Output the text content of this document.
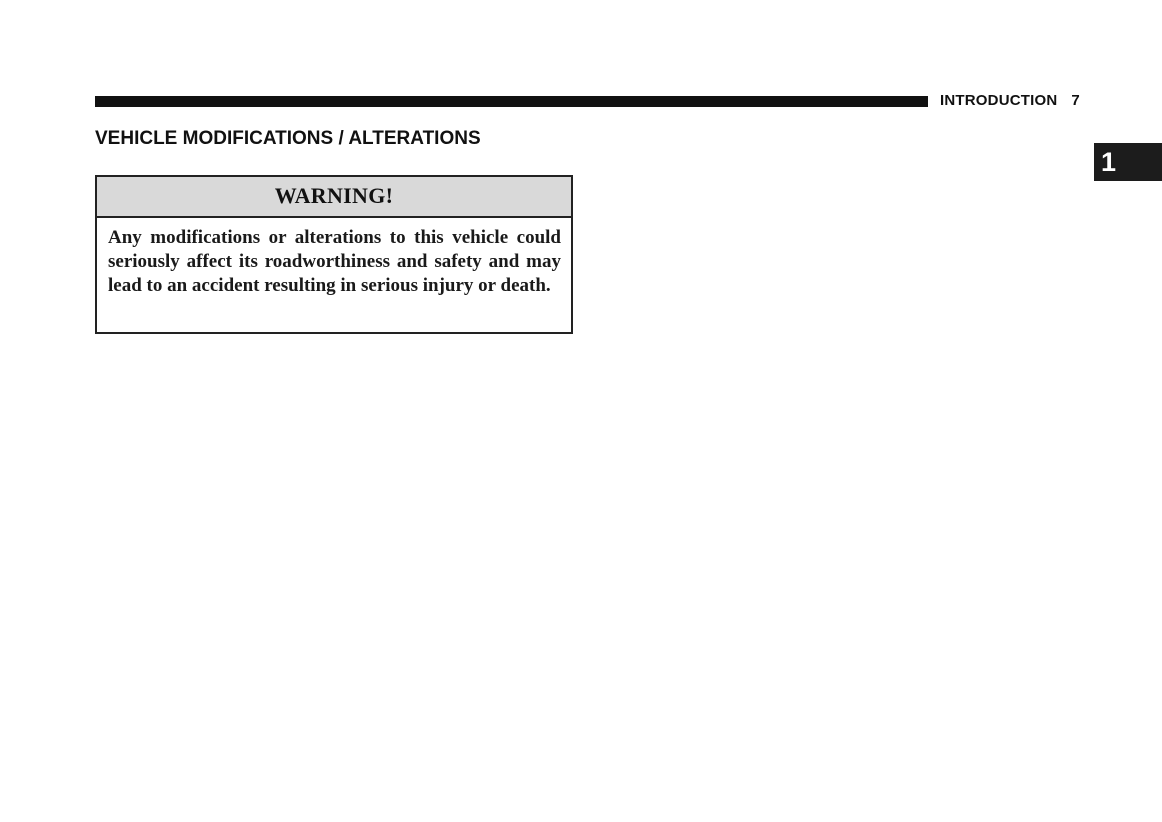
INTRODUCTION 7
1
VEHICLE MODIFICATIONS / ALTERATIONS
WARNING!
Any modifications or alterations to this vehicle could seriously affect its roadworthiness and safety and may lead to an accident resulting in serious injury or death.
